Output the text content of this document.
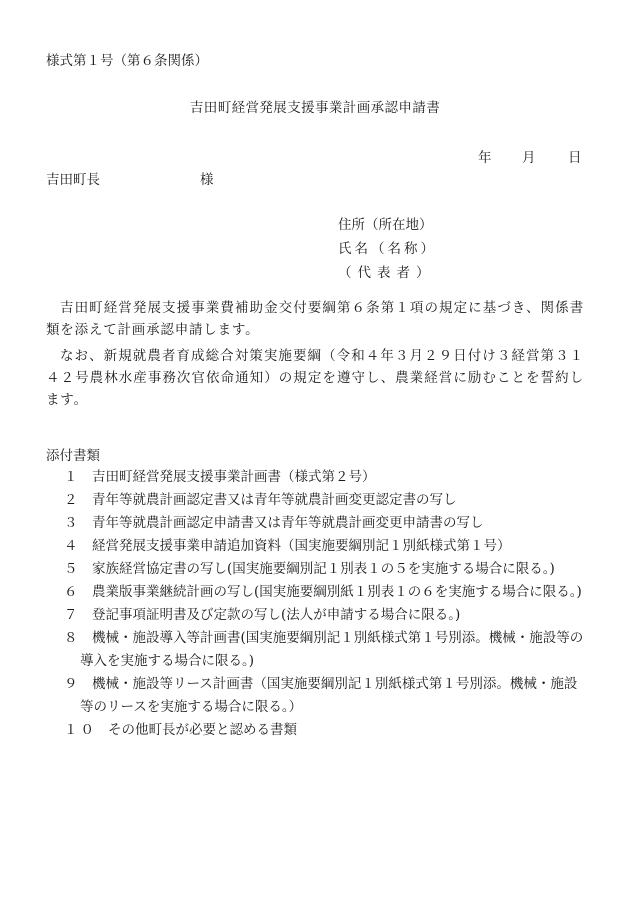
様式第１号（第６条関係）
吉田町経営発展支援事業計画承認申請書
年 月 日
吉田町長	様
住所（所在地）
氏名（名称）
（代表者）
吉田町経営発展支援事業費補助金交付要綱第６条第１項の規定に基づき、関係書類を添えて計画承認申請します。
なお、新規就農者育成総合対策実施要綱（令和４年３月２９日付け３経営第３１４２号農林水産事務次官依命通知）の規定を遵守し、農業経営に励むことを誓約します。
添付書類
１	吉田町経営発展支援事業計画書（様式第２号）
２	青年等就農計画認定書又は青年等就農計画変更認定書の写し
３	青年等就農計画認定申請書又は青年等就農計画変更申請書の写し
４	経営発展支援事業申請追加資料（国実施要綱別記１別紙様式第１号）
５	家族経営協定書の写し(国実施要綱別記１別表１の５を実施する場合に限る。)
６	農業版事業継続計画の写し(国実施要綱別紙１別表１の６を実施する場合に限る。)
７	登記事項証明書及び定款の写し(法人が申請する場合に限る。)
８	機械・施設導入等計画書(国実施要綱別記１別紙様式第１号別添。機械・施設等の導入を実施する場合に限る。)
９	機械・施設等リース計画書（国実施要綱別記１別紙様式第１号別添。機械・施設等のリースを実施する場合に限る。）
１０ その他町長が必要と認める書類
